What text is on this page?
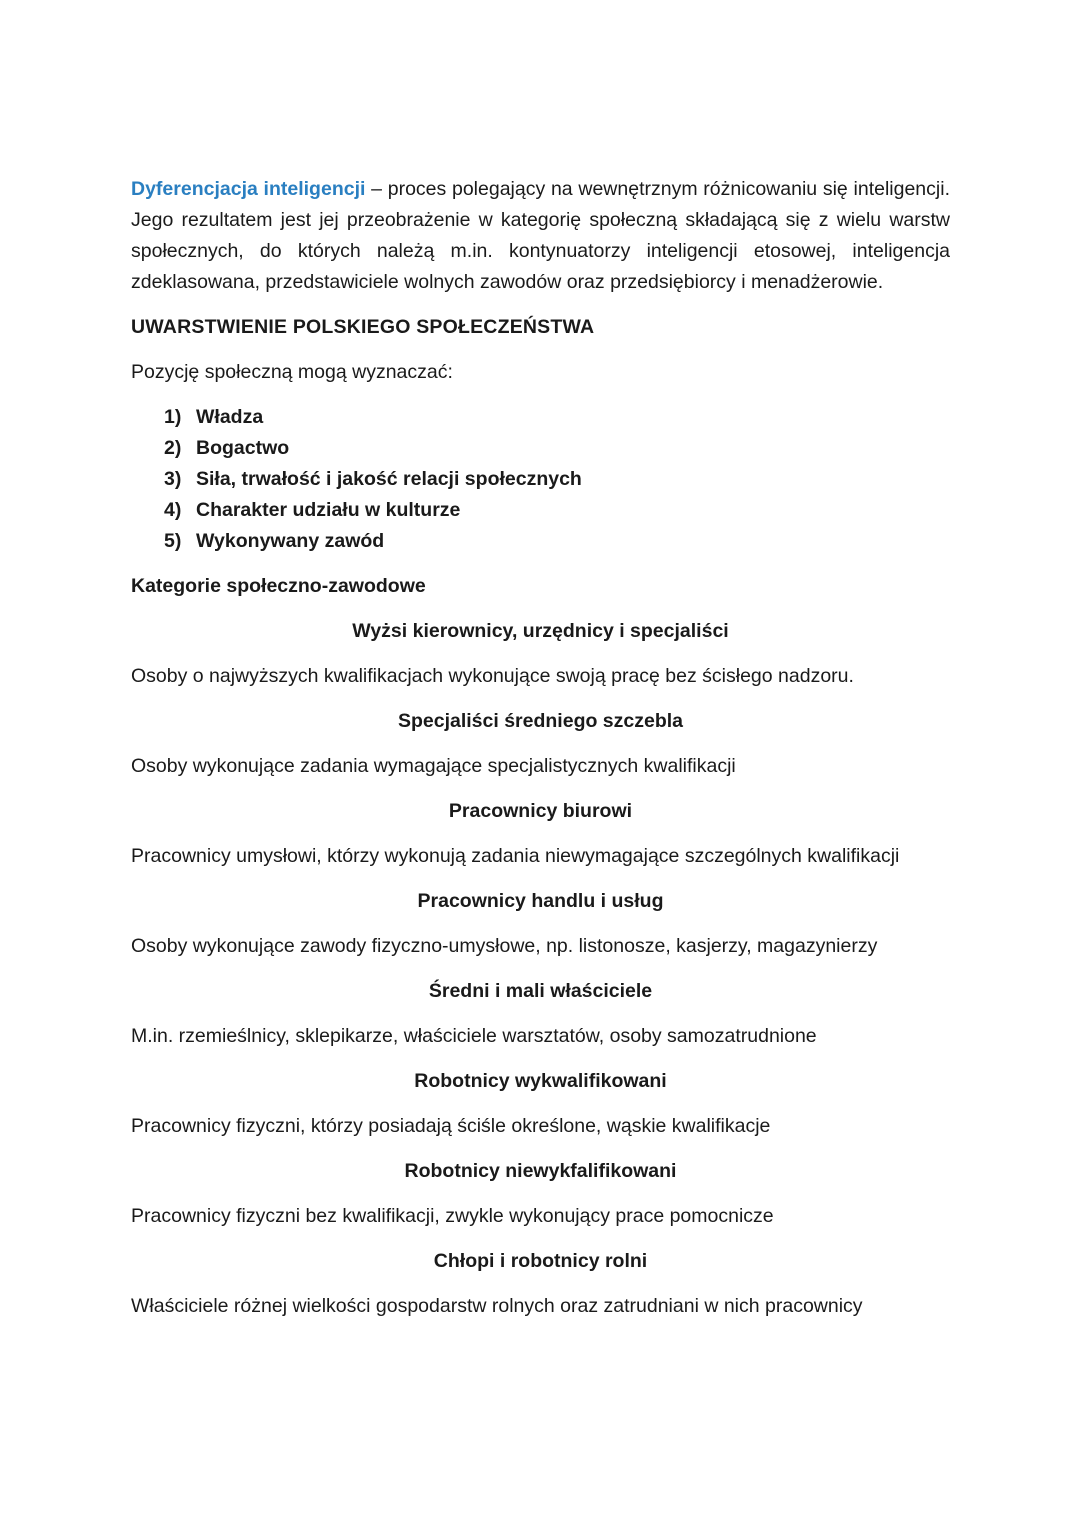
Dyferencjacja inteligencji – proces polegający na wewnętrznym różnicowaniu się inteligencji. Jego rezultatem jest jej przeobrażenie w kategorię społeczną składającą się z wielu warstw społecznych, do których należą m.in. kontynuatorzy inteligencji etosowej, inteligencja zdeklasowana, przedstawiciele wolnych zawodów oraz przedsiębiorcy i menadżerowie.

UWARSTWIENIE POLSKIEGO SPOŁECZEŃSTWA
Pozycję społeczną mogą wyznaczać:
1) Władza
2) Bogactwo
3) Siła, trwałość i jakość relacji społecznych
4) Charakter udziału w kulturze
5) Wykonywany zawód
Kategorie społeczno-zawodowe
Wyżsi kierownicy, urzędnicy i specjaliści
Osoby o najwyższych kwalifikacjach wykonujące swoją pracę bez ścisłego nadzoru.
Specjaliści średniego szczebla
Osoby wykonujące zadania wymagające specjalistycznych kwalifikacji
Pracownicy biurowi
Pracownicy umysłowi, którzy wykonują zadania niewymagające szczególnych kwalifikacji
Pracownicy handlu i usług
Osoby wykonujące zawody fizyczno-umysłowe, np. listonosze, kasjerzy, magazynierzy
Średni i mali właściciele
M.in. rzemieślnicy, sklepikarze, właściciele warsztatów, osoby samozatrudnione
Robotnicy wykwalifikowani
Pracownicy fizyczni, którzy posiadają ściśle określone, wąskie kwalifikacje
Robotnicy niewykfalifikowani
Pracownicy fizyczni bez kwalifikacji, zwykle wykonujący prace pomocnicze
Chłopi i robotnicy rolni
Właściciele różnej wielkości gospodarstw rolnych oraz zatrudniani w nich pracownicy
